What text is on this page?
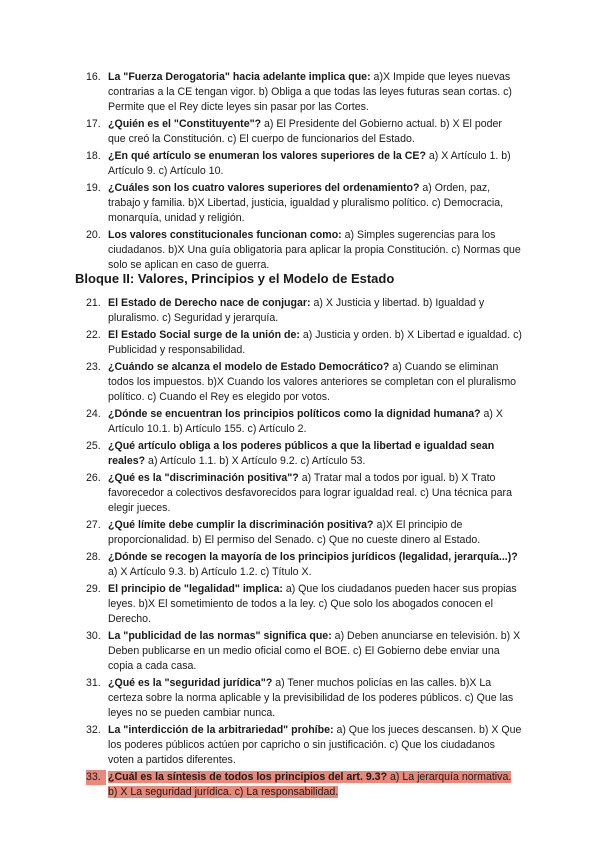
16. La "Fuerza Derogatoria" hacia adelante implica que: a)X Impide que leyes nuevas contrarias a la CE tengan vigor. b) Obliga a que todas las leyes futuras sean cortas. c) Permite que el Rey dicte leyes sin pasar por las Cortes.
17. ¿Quién es el "Constituyente"? a) El Presidente del Gobierno actual. b) X El poder que creó la Constitución. c) El cuerpo de funcionarios del Estado.
18. ¿En qué artículo se enumeran los valores superiores de la CE? a) X Artículo 1. b) Artículo 9. c) Artículo 10.
19. ¿Cuáles son los cuatro valores superiores del ordenamiento? a) Orden, paz, trabajo y familia. b)X Libertad, justicia, igualdad y pluralismo político. c) Democracia, monarquía, unidad y religión.
20. Los valores constitucionales funcionan como: a) Simples sugerencias para los ciudadanos. b)X Una guía obligatoria para aplicar la propia Constitución. c) Normas que solo se aplican en caso de guerra.
Bloque II: Valores, Principios y el Modelo de Estado
21. El Estado de Derecho nace de conjugar: a) X Justicia y libertad. b) Igualdad y pluralismo. c) Seguridad y jerarquía.
22. El Estado Social surge de la unión de: a) Justicia y orden. b) X Libertad e igualdad. c) Publicidad y responsabilidad.
23. ¿Cuándo se alcanza el modelo de Estado Democrático? a) Cuando se eliminan todos los impuestos. b)X Cuando los valores anteriores se completan con el pluralismo político. c) Cuando el Rey es elegido por votos.
24. ¿Dónde se encuentran los principios políticos como la dignidad humana? a) X Artículo 10.1. b) Artículo 155. c) Artículo 2.
25. ¿Qué artículo obliga a los poderes públicos a que la libertad e igualdad sean reales? a) Artículo 1.1. b) X Artículo 9.2. c) Artículo 53.
26. ¿Qué es la "discriminación positiva"? a) Tratar mal a todos por igual. b) X Trato favorecedor a colectivos desfavorecidos para lograr igualdad real. c) Una técnica para elegir jueces.
27. ¿Qué límite debe cumplir la discriminación positiva? a)X El principio de proporcionalidad. b) El permiso del Senado. c) Que no cueste dinero al Estado.
28. ¿Dónde se recogen la mayoría de los principios jurídicos (legalidad, jerarquía...)? a) X Artículo 9.3. b) Artículo 1.2. c) Título X.
29. El principio de "legalidad" implica: a) Que los ciudadanos pueden hacer sus propias leyes. b)X El sometimiento de todos a la ley. c) Que solo los abogados conocen el Derecho.
30. La "publicidad de las normas" significa que: a) Deben anunciarse en televisión. b) X Deben publicarse en un medio oficial como el BOE. c) El Gobierno debe enviar una copia a cada casa.
31. ¿Qué es la "seguridad jurídica"? a) Tener muchos policías en las calles. b)X La certeza sobre la norma aplicable y la previsibilidad de los poderes públicos. c) Que las leyes no se pueden cambiar nunca.
32. La "interdicción de la arbitrariedad" prohíbe: a) Que los jueces descansen. b) X Que los poderes públicos actúen por capricho o sin justificación. c) Que los ciudadanos voten a partidos diferentes.
33. ¿Cuál es la síntesis de todos los principios del art. 9.3? a) La jerarquía normativa. b) X La seguridad jurídica. c) La responsabilidad.
